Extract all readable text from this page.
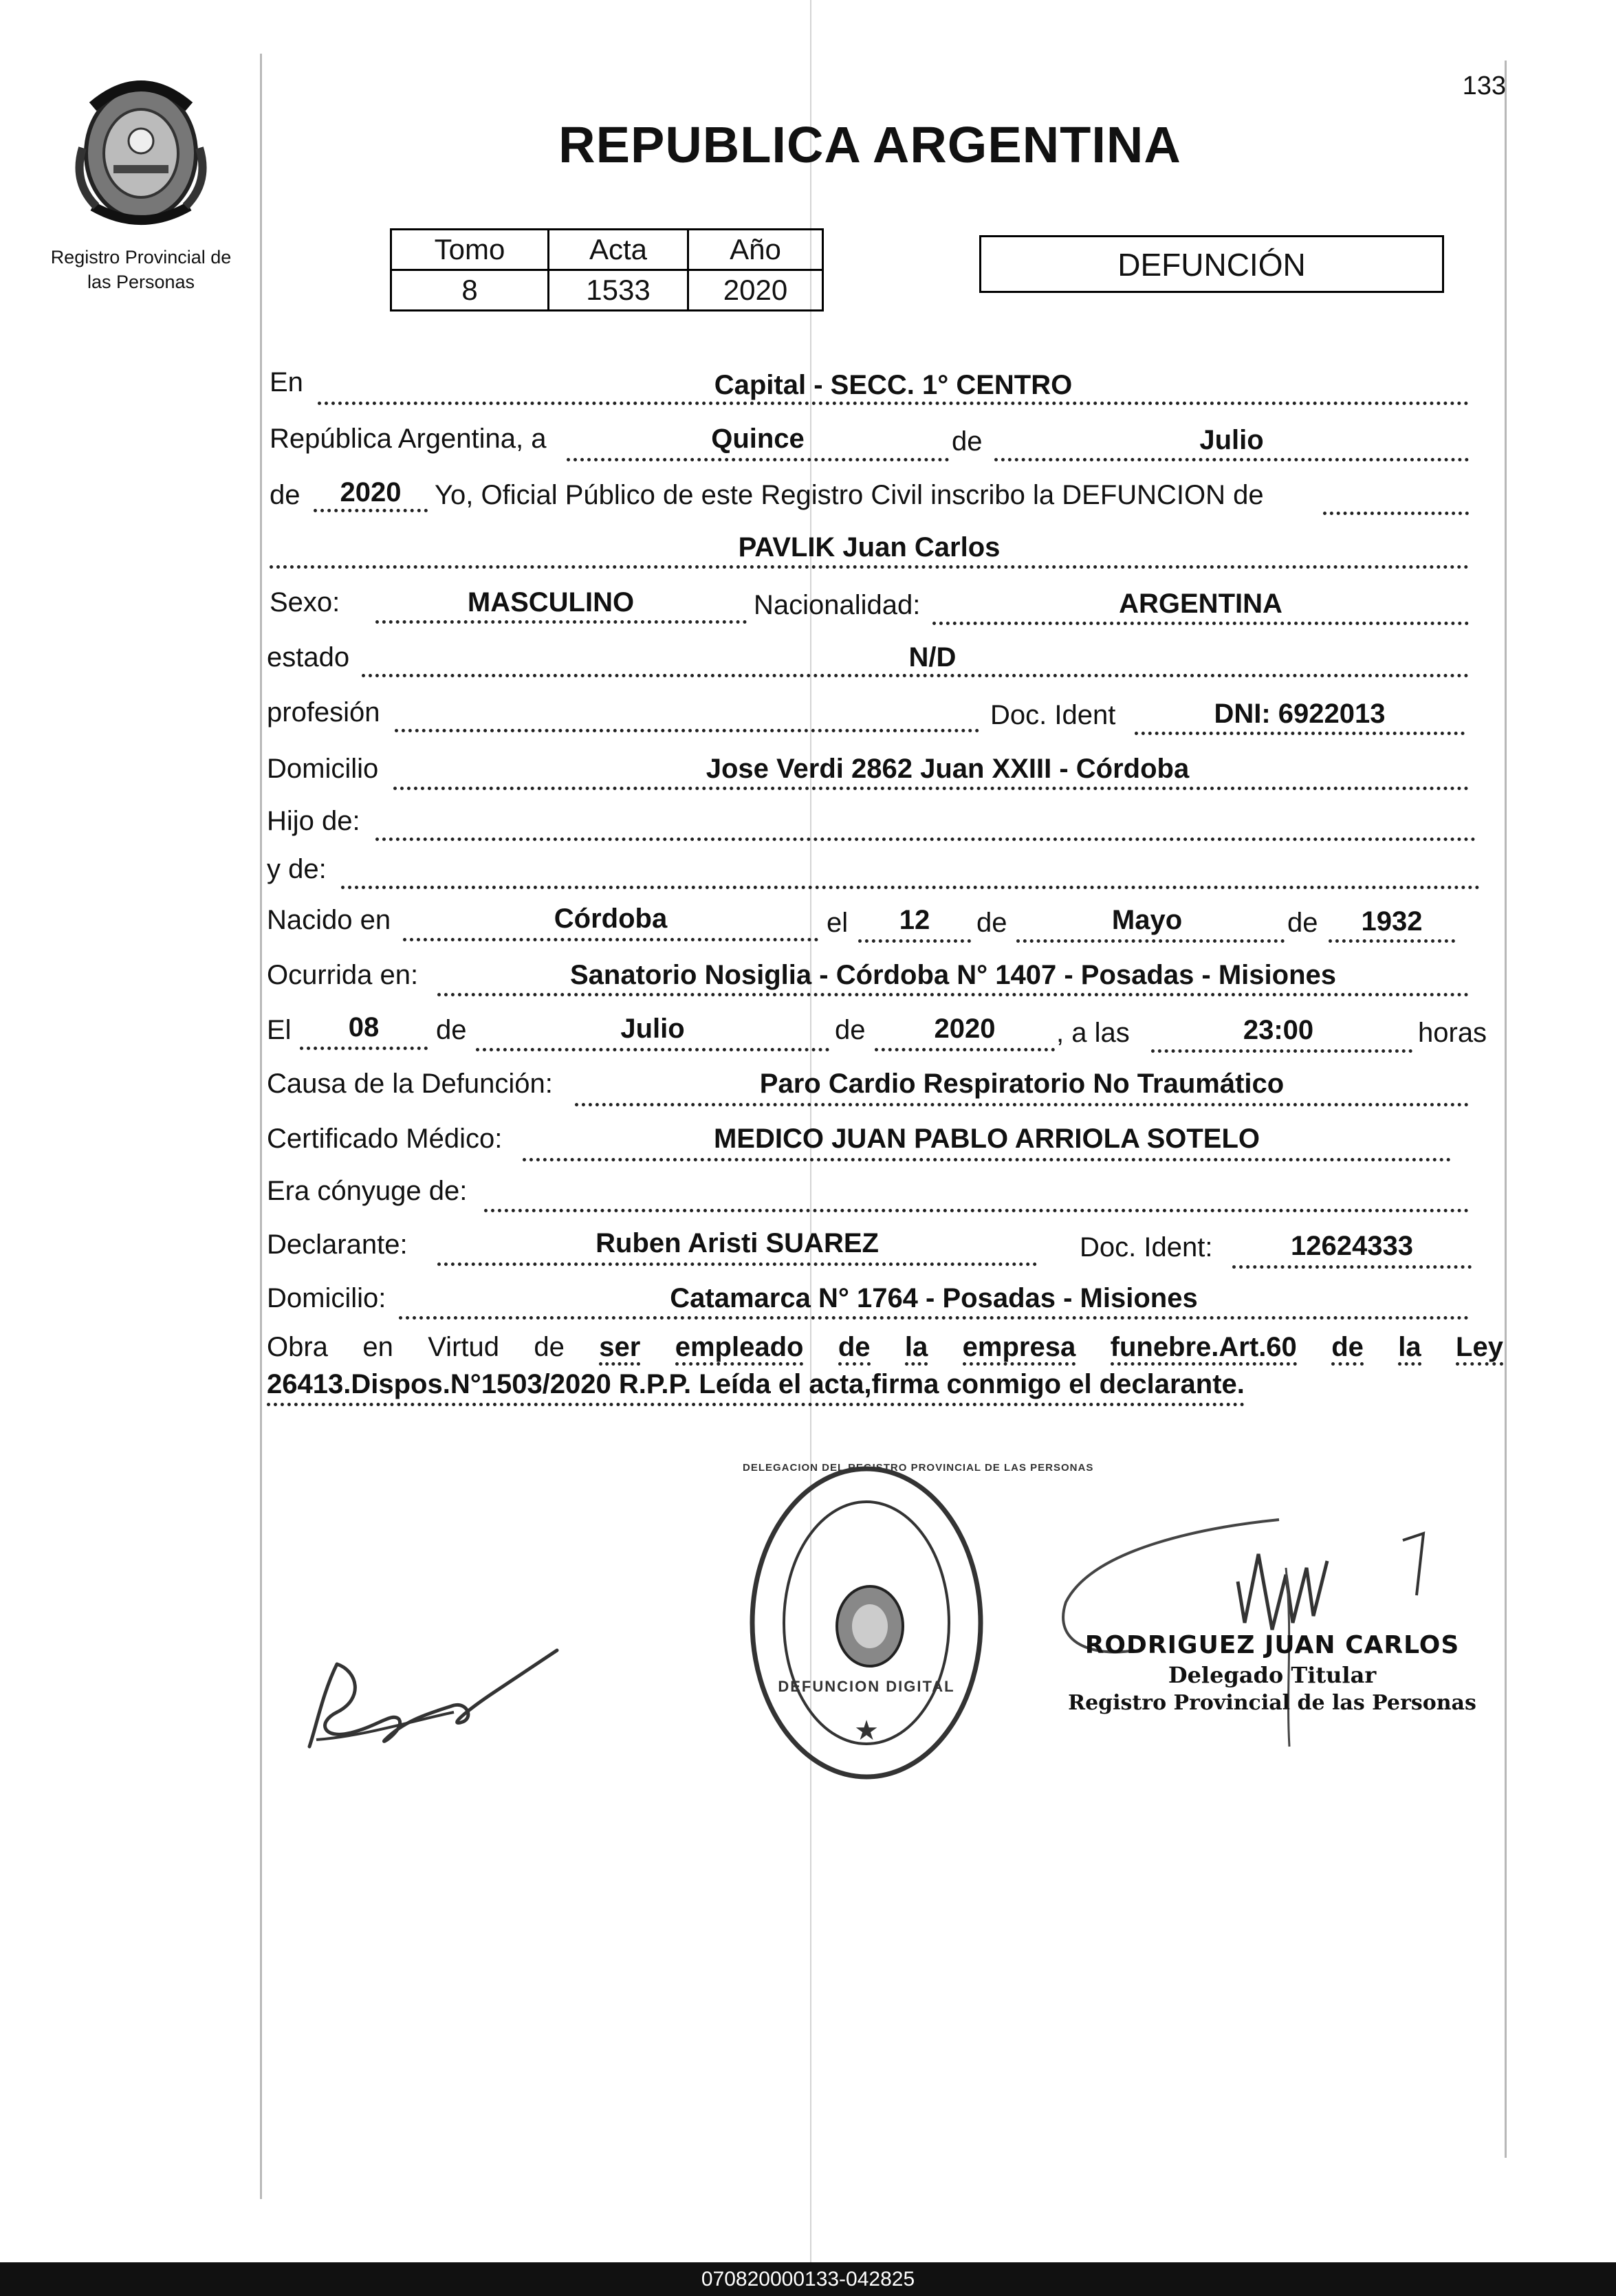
Registro Provincial de
las Personas
133
REPUBLICA ARGENTINA
Tomo	Acta	Año
8	1533	2020
DEFUNCIÓN
En	Capital - SECC. 1° CENTRO
República Argentina, a	Quince	de	Julio
de	2020	Yo, Oficial Público de este Registro Civil inscribo la DEFUNCION de
PAVLIK Juan Carlos
Sexo:	MASCULINO	Nacionalidad:	ARGENTINA
estado	N/D
profesión	Doc. Ident	DNI: 6922013
Domicilio	Jose Verdi 2862 Juan XXIII - Córdoba
Hijo de:
y de:
Nacido en	Córdoba	el	12	de	Mayo	de	1932
Ocurrida en:	Sanatorio Nosiglia - Córdoba N° 1407 - Posadas - Misiones
El	08	de	Julio	de	2020	, a las	23:00	horas
Causa de la Defunción:	Paro Cardio Respiratorio No Traumático
Certificado Médico:	MEDICO JUAN PABLO ARRIOLA SOTELO
Era cónyuge de:
Declarante:	Ruben Aristi SUAREZ	Doc. Ident:	12624333
Domicilio:	Catamarca N° 1764 - Posadas - Misiones
Obra en Virtud de ser empleado de la empresa funebre.Art.60 de la Ley
26413.Dispos.N°1503/2020 R.P.P. Leída el acta,firma conmigo el declarante.
★
DELEGACION DEL REGISTRO PROVINCIAL DE LAS PERSONAS
DEFUNCION DIGITAL
RODRIGUEZ JUAN CARLOS
Delegado Titular
Registro Provincial de las Personas
070820000133-042825
